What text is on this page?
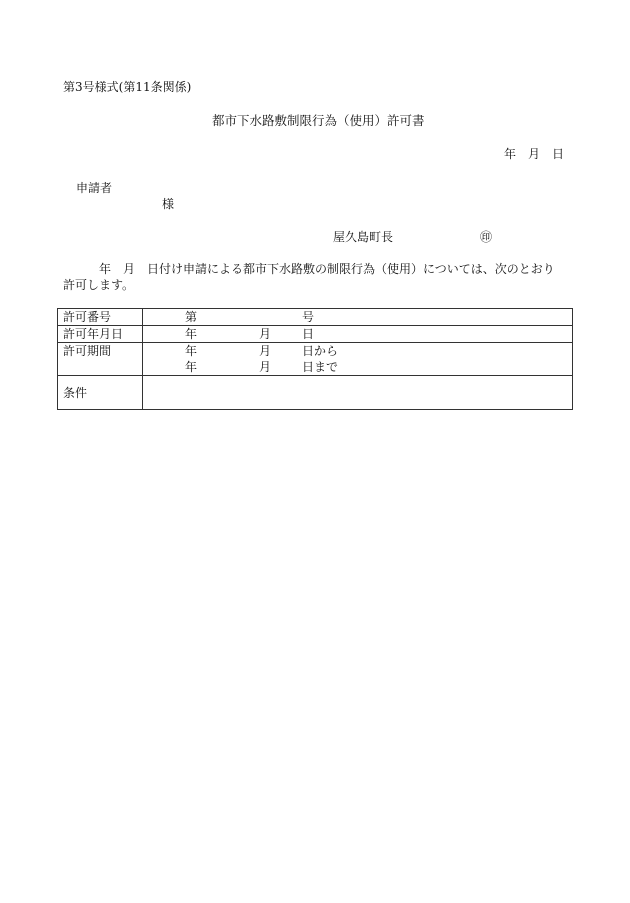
第3号様式(第11条関係)
都市下水路敷制限行為（使用）許可書
年　月　日
申請者
様
屋久島町長	㊞
年　月　日付け申請による都市下水路敷の制限行為（使用）については、次のとおり
許可します。
許可番号	第 号
許可年月日	年 月 日
許可期間	年 月 日から
年 月 日まで

条件	
